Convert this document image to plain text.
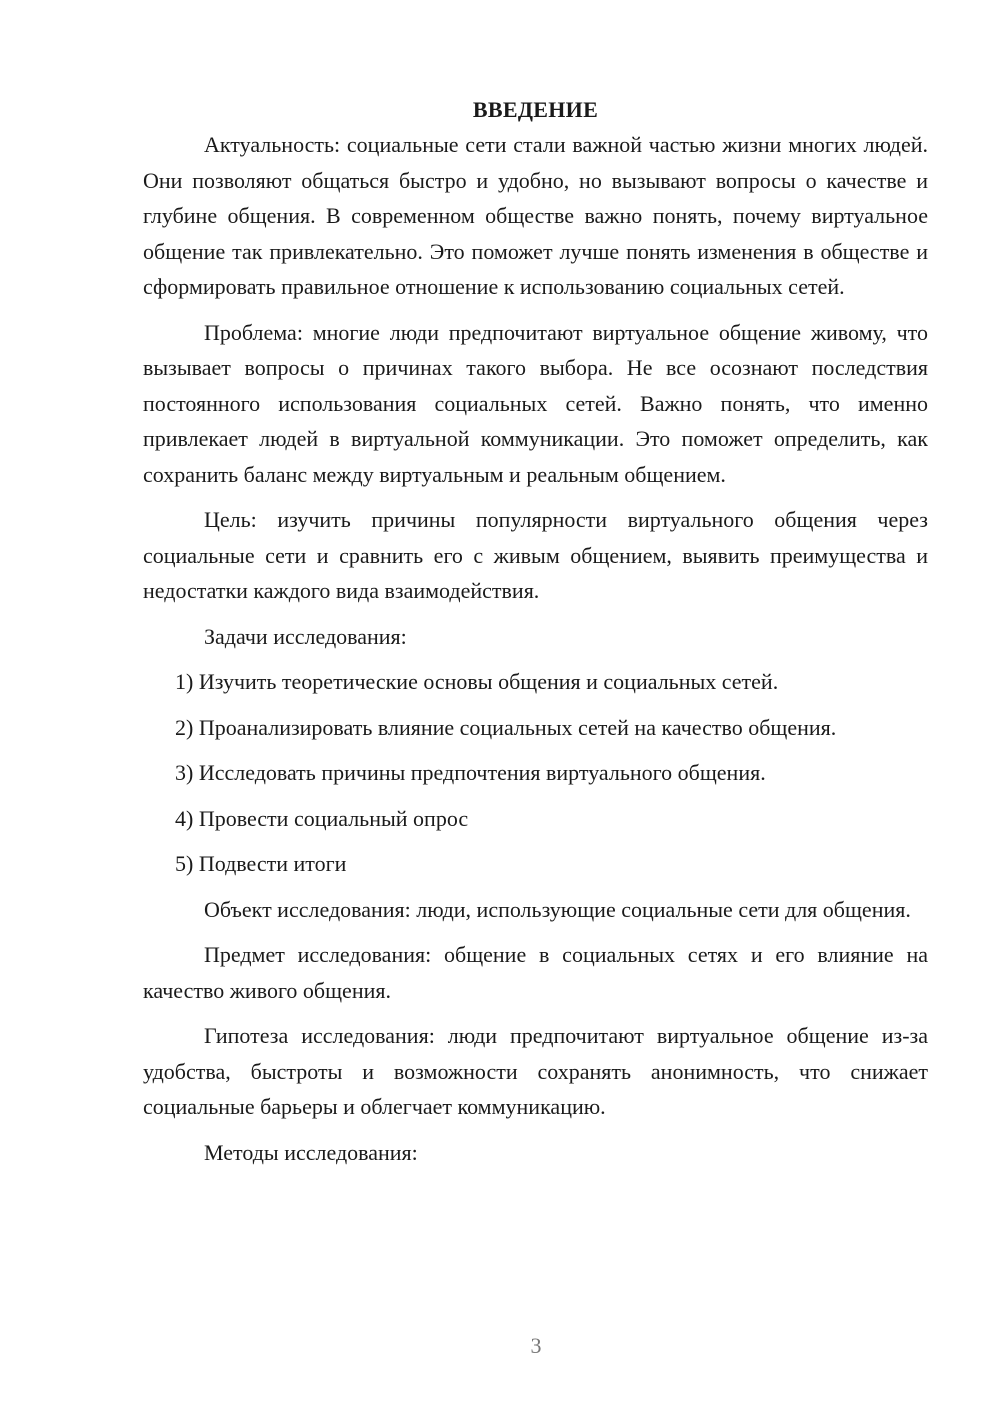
ВВЕДЕНИЕ

Актуальность: социальные сети стали важной частью жизни многих людей. Они позволяют общаться быстро и удобно, но вызывают вопросы о качестве и глубине общения. В современном обществе важно понять, почему виртуальное общение так привлекательно. Это поможет лучше понять изменения в обществе и сформировать правильное отношение к использованию социальных сетей.

Проблема: многие люди предпочитают виртуальное общение живому, что вызывает вопросы о причинах такого выбора. Не все осознают последствия постоянного использования социальных сетей. Важно понять, что именно привлекает людей в виртуальной коммуникации. Это поможет определить, как сохранить баланс между виртуальным и реальным общением.

Цель: изучить причины популярности виртуального общения через социальные сети и сравнить его с живым общением, выявить преимущества и недостатки каждого вида взаимодействия.

Задачи исследования:

1) Изучить теоретические основы общения и социальных сетей.
2) Проанализировать влияние социальных сетей на качество общения.
3) Исследовать причины предпочтения виртуального общения.
4) Провести социальный опрос
5) Подвести итоги

Объект исследования: люди, использующие социальные сети для общения.

Предмет исследования: общение в социальных сетях и его влияние на качество живого общения.

Гипотеза исследования: люди предпочитают виртуальное общение из-за удобства, быстроты и возможности сохранять анонимность, что снижает социальные барьеры и облегчает коммуникацию.

Методы исследования:

3
